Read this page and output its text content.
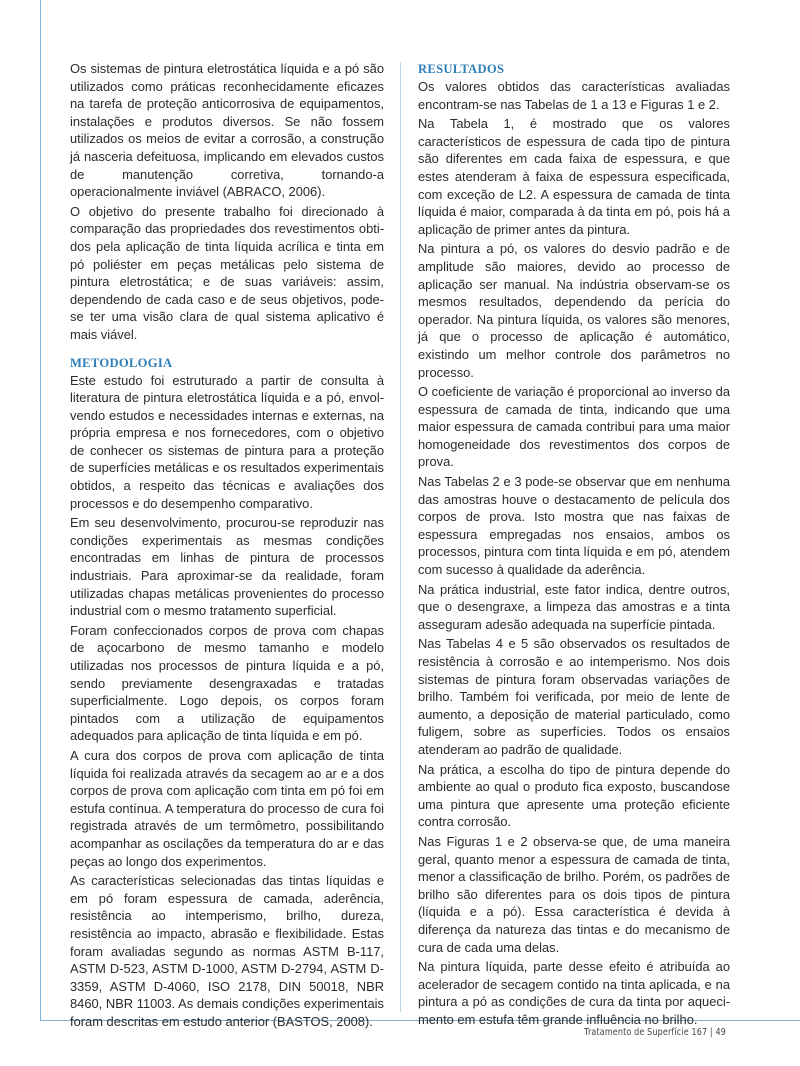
Os sistemas de pintura eletrostática líquida e a pó são utilizados como práticas reconhecidamente eficazes na tarefa de proteção anticorrosiva de equipamentos, instalações e produtos diversos. Se não fossem utilizados os meios de evitar a corrosão, a construção já nasceria defeituosa, implicando em elevados custos de manutenção corretiva, tornando-a operacionalmente inviável (ABRACO, 2006).

O objetivo do presente trabalho foi direcionado à comparação das propriedades dos revestimentos obtidos pela aplicação de tinta líquida acrílica e tinta em pó poliéster em peças metálicas pelo sistema de pintura eletrostática; e de suas variáveis: assim, dependendo de cada caso e de seus objetivos, pode-se ter uma visão clara de qual sistema aplicativo é mais viável.

METODOLOGIA

Este estudo foi estruturado a partir de consulta à literatura de pintura eletrostática líquida e a pó, envolvendo estudos e necessidades internas e externas, na própria empresa e nos fornecedores, com o objetivo de conhecer os sistemas de pintura para a proteção de superfícies metálicas e os resultados experimentais obtidos, a respeito das técnicas e avaliações dos processos e do desempenho comparativo.

Em seu desenvolvimento, procurou-se reproduzir nas condições experimentais as mesmas condições encontradas em linhas de pintura de processos industriais. Para aproximar-se da realidade, foram utilizadas chapas metálicas provenientes do processo industrial com o mesmo tratamento superficial.

Foram confeccionados corpos de prova com chapas de açocarbono de mesmo tamanho e modelo utilizadas nos processos de pintura líquida e a pó, sendo previamente desengraxadas e tratadas superficialmente. Logo depois, os corpos foram pintados com a utilização de equipamentos adequados para aplicação de tinta líquida e em pó.

A cura dos corpos de prova com aplicação de tinta líquida foi realizada através da secagem ao ar e a dos corpos de prova com aplicação com tinta em pó foi em estufa contínua. A temperatura do processo de cura foi registrada através de um termômetro, possibilitando acompanhar as oscilações da temperatura do ar e das peças ao longo dos experimentos.

As características selecionadas das tintas líquidas e em pó foram espessura de camada, aderência, resistência ao intemperismo, brilho, dureza, resistência ao impacto, abrasão e flexibilidade. Estas foram avaliadas segundo as normas ASTM B-117, ASTM D-523, ASTM D-1000, ASTM D-2794, ASTM D-3359, ASTM D-4060, ISO 2178, DIN 50018, NBR 8460, NBR 11003. As demais condições experimentais foram descritas em estudo anterior (BASTOS, 2008).

RESULTADOS

Os valores obtidos das características avaliadas encontram-se nas Tabelas de 1 a 13 e Figuras 1 e 2.

Na Tabela 1, é mostrado que os valores característicos de espessura de cada tipo de pintura são diferentes em cada faixa de espessura, e que estes atenderam à faixa de espessura especificada, com exceção de L2. A espessura de camada de tinta líquida é maior, comparada à da tinta em pó, pois há a aplicação de primer antes da pintura.

Na pintura a pó, os valores do desvio padrão e de amplitude são maiores, devido ao processo de aplicação ser manual. Na indústria observam-se os mesmos resultados, dependendo da perícia do operador. Na pintura líquida, os valores são menores, já que o processo de aplicação é automático, existindo um melhor controle dos parâmetros no processo.

O coeficiente de variação é proporcional ao inverso da espessura de camada de tinta, indicando que uma maior espessura de camada contribui para uma maior homogeneidade dos revestimentos dos corpos de prova.

Nas Tabelas 2 e 3 pode-se observar que em nenhuma das amostras houve o destacamento de película dos corpos de prova. Isto mostra que nas faixas de espessura empregadas nos ensaios, ambos os processos, pintura com tinta líquida e em pó, atendem com sucesso à qualidade da aderência.

Na prática industrial, este fator indica, dentre outros, que o desengraxe, a limpeza das amostras e a tinta asseguram adesão adequada na superfície pintada.

Nas Tabelas 4 e 5 são observados os resultados de resistência à corrosão e ao intemperismo. Nos dois sistemas de pintura foram observadas variações de brilho. Também foi verificada, por meio de lente de aumento, a deposição de material particulado, como fuligem, sobre as superfícies. Todos os ensaios atenderam ao padrão de qualidade.

Na prática, a escolha do tipo de pintura depende do ambiente ao qual o produto fica exposto, buscandose uma pintura que apresente uma proteção eficiente contra corrosão.

Nas Figuras 1 e 2 observa-se que, de uma maneira geral, quanto menor a espessura de camada de tinta, menor a classificação de brilho. Porém, os padrões de brilho são diferentes para os dois tipos de pintura (líquida e a pó). Essa característica é devida à diferença da natureza das tintas e do mecanismo de cura de cada uma delas.

Na pintura líquida, parte desse efeito é atribuída ao acelerador de secagem contido na tinta aplicada, e na pintura a pó as condições de cura da tinta por aquecimento em estufa têm grande influência no brilho.

Tratamento de Superfície 167 | 49
